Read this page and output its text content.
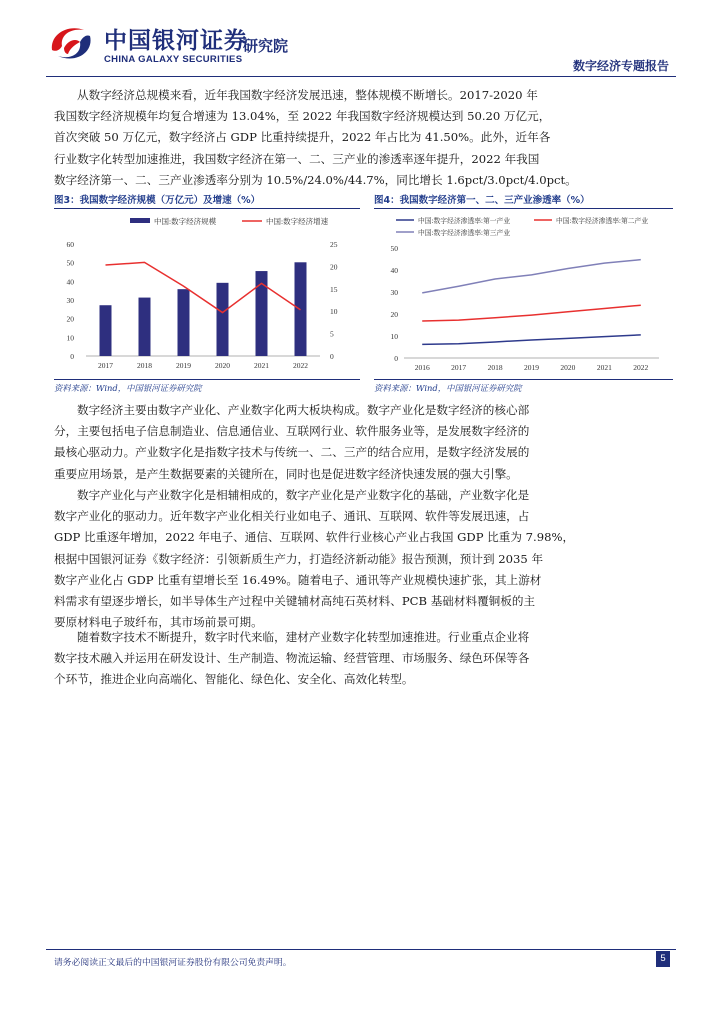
中国银河证券
CHINA GALAXY SECURITIES
研究院
数字经济专题报告
从数字经济总规模来看，近年我国数字经济发展迅速，整体规模不断增长。2017-2020 年
我国数字经济规模年均复合增速为 13.04%，至 2022 年我国数字经济规模达到 50.20 万亿元，
首次突破 50 万亿元，数字经济占 GDP 比重持续提升，2022 年占比为 41.50%。此外，近年各
行业数字化转型加速推进，我国数字经济在第一、二、三产业的渗透率逐年提升，2022 年我国
数字经济第一、二、三产业渗透率分别为 10.5%/24.0%/44.7%，同比增长 1.6pct/3.0pct/4.0pct。
图3：我国数字经济规模（万亿元）及增速（%）
中国:数字经济规模	中国:数字经济增速
0
10
20
30
40
50
60
0
5
10
15
20
25
2017	2018	2019	2020	2021	2022
资料来源：Wind，中国银河证券研究院
图4：我国数字经济第一、二、三产业渗透率（%）
中国:数字经济渗透率:第一产业	中国:数字经济渗透率:第二产业
中国:数字经济渗透率:第三产业
0
10
20
30
40
50
2016	2017	2018	2019	2020	2021	2022
资料来源：Wind，中国银河证券研究院
数字经济主要由数字产业化、产业数字化两大板块构成。数字产业化是数字经济的核心部
分，主要包括电子信息制造业、信息通信业、互联网行业、软件服务业等，是发展数字经济的
最核心驱动力。产业数字化是指数字技术与传统一、二、三产的结合应用，是数字经济发展的
重要应用场景，是产生数据要素的关键所在，同时也是促进数字经济快速发展的强大引擎。
数字产业化与产业数字化是相辅相成的，数字产业化是产业数字化的基础，产业数字化是
数字产业化的驱动力。近年数字产业化相关行业如电子、通讯、互联网、软件等发展迅速，占
GDP 比重逐年增加，2022 年电子、通信、互联网、软件行业核心产业占我国 GDP 比重为 7.98%，
根据中国银河证券《数字经济：引领新质生产力，打造经济新动能》报告预测，预计到 2035 年
数字产业化占 GDP 比重有望增长至 16.49%。随着电子、通讯等产业规模快速扩张，其上游材
料需求有望逐步增长，如半导体生产过程中关键辅材高纯石英材料、PCB 基础材料覆铜板的主
要原材料电子玻纤布，其市场前景可期。
随着数字技术不断提升，数字时代来临，建材产业数字化转型加速推进。行业重点企业将
数字技术融入并运用在研发设计、生产制造、物流运输、经营管理、市场服务、绿色环保等各
个环节，推进企业向高端化、智能化、绿色化、安全化、高效化转型。
请务必阅读正文最后的中国银河证券股份有限公司免责声明。	5
